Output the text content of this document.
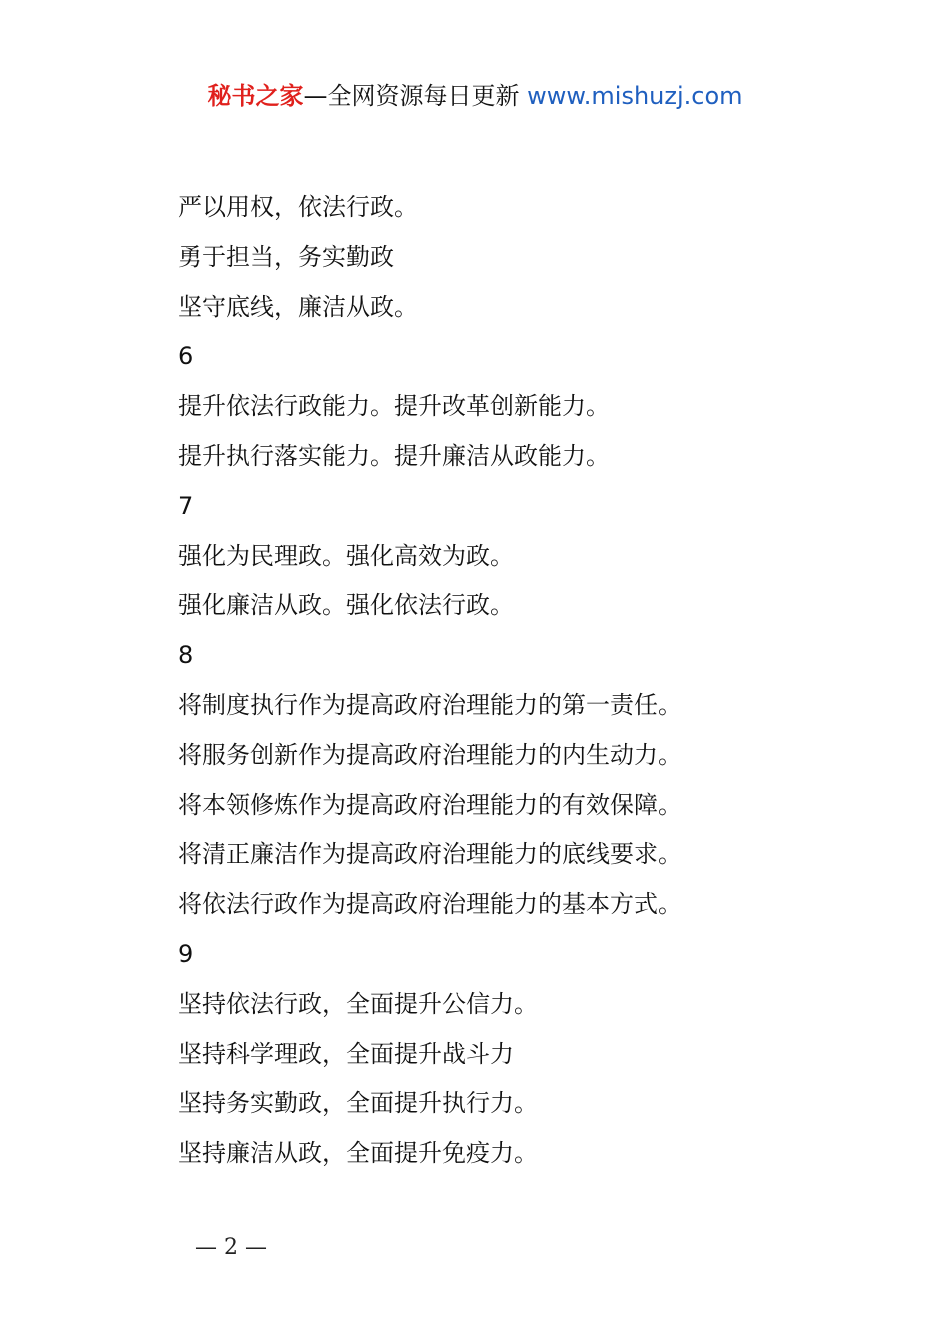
秘书之家—全网资源每日更新 www.mishuzj.com
严以用权，依法行政。
勇于担当，务实勤政
坚守底线，廉洁从政。
6
提升依法行政能力。提升改革创新能力。
提升执行落实能力。提升廉洁从政能力。
7
强化为民理政。强化高效为政。
强化廉洁从政。强化依法行政。
8
将制度执行作为提高政府治理能力的第一责任。
将服务创新作为提高政府治理能力的内生动力。
将本领修炼作为提高政府治理能力的有效保障。
将清正廉洁作为提高政府治理能力的底线要求。
将依法行政作为提高政府治理能力的基本方式。
9
坚持依法行政，全面提升公信力。
坚持科学理政，全面提升战斗力
坚持务实勤政，全面提升执行力。
坚持廉洁从政，全面提升免疫力。
— 2 —
